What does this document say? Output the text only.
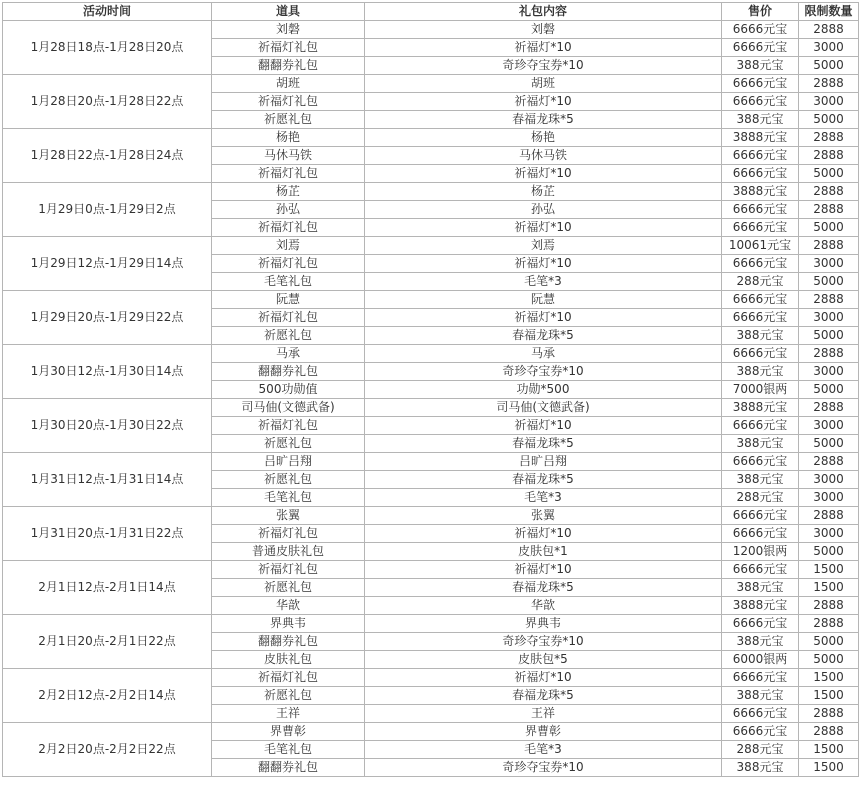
活动时间	道具	礼包内容	售价	限制数量
1月28日18点-1月28日20点	刘磐	刘磐	6666元宝	2888
	祈福灯礼包	祈福灯*10	6666元宝	3000
	翻翻券礼包	奇珍夺宝券*10	388元宝	5000
1月28日20点-1月28日22点	胡班	胡班	6666元宝	2888
	祈福灯礼包	祈福灯*10	6666元宝	3000
	祈愿礼包	春福龙珠*5	388元宝	5000
1月28日22点-1月28日24点	杨艳	杨艳	3888元宝	2888
	马休马铁	马休马铁	6666元宝	2888
	祈福灯礼包	祈福灯*10	6666元宝	5000
1月29日0点-1月29日2点	杨芷	杨芷	3888元宝	2888
	孙弘	孙弘	6666元宝	2888
	祈福灯礼包	祈福灯*10	6666元宝	5000
1月29日12点-1月29日14点	刘焉	刘焉	10061元宝	2888
	祈福灯礼包	祈福灯*10	6666元宝	3000
	毛笔礼包	毛笔*3	288元宝	5000
1月29日20点-1月29日22点	阮慧	阮慧	6666元宝	2888
	祈福灯礼包	祈福灯*10	6666元宝	3000
	祈愿礼包	春福龙珠*5	388元宝	5000
1月30日12点-1月30日14点	马承	马承	6666元宝	2888
	翻翻券礼包	奇珍夺宝券*10	388元宝	3000
	500功勋值	功勋*500	7000银两	5000
1月30日20点-1月30日22点	司马伷(文德武备)	司马伷(文德武备)	3888元宝	2888
	祈福灯礼包	祈福灯*10	6666元宝	3000
	祈愿礼包	春福龙珠*5	388元宝	5000
1月31日12点-1月31日14点	吕旷吕翔	吕旷吕翔	6666元宝	2888
	祈愿礼包	春福龙珠*5	388元宝	3000
	毛笔礼包	毛笔*3	288元宝	3000
1月31日20点-1月31日22点	张翼	张翼	6666元宝	2888
	祈福灯礼包	祈福灯*10	6666元宝	3000
	普通皮肤礼包	皮肤包*1	1200银两	5000
2月1日12点-2月1日14点	祈福灯礼包	祈福灯*10	6666元宝	1500
	祈愿礼包	春福龙珠*5	388元宝	1500
	华歆	华歆	3888元宝	2888
2月1日20点-2月1日22点	界典韦	界典韦	6666元宝	2888
	翻翻券礼包	奇珍夺宝券*10	388元宝	5000
	皮肤礼包	皮肤包*5	6000银两	5000
2月2日12点-2月2日14点	祈福灯礼包	祈福灯*10	6666元宝	1500
	祈愿礼包	春福龙珠*5	388元宝	1500
	王祥	王祥	6666元宝	2888
2月2日20点-2月2日22点	界曹彰	界曹彰	6666元宝	2888
	毛笔礼包	毛笔*3	288元宝	1500
	翻翻券礼包	奇珍夺宝券*10	388元宝	1500
